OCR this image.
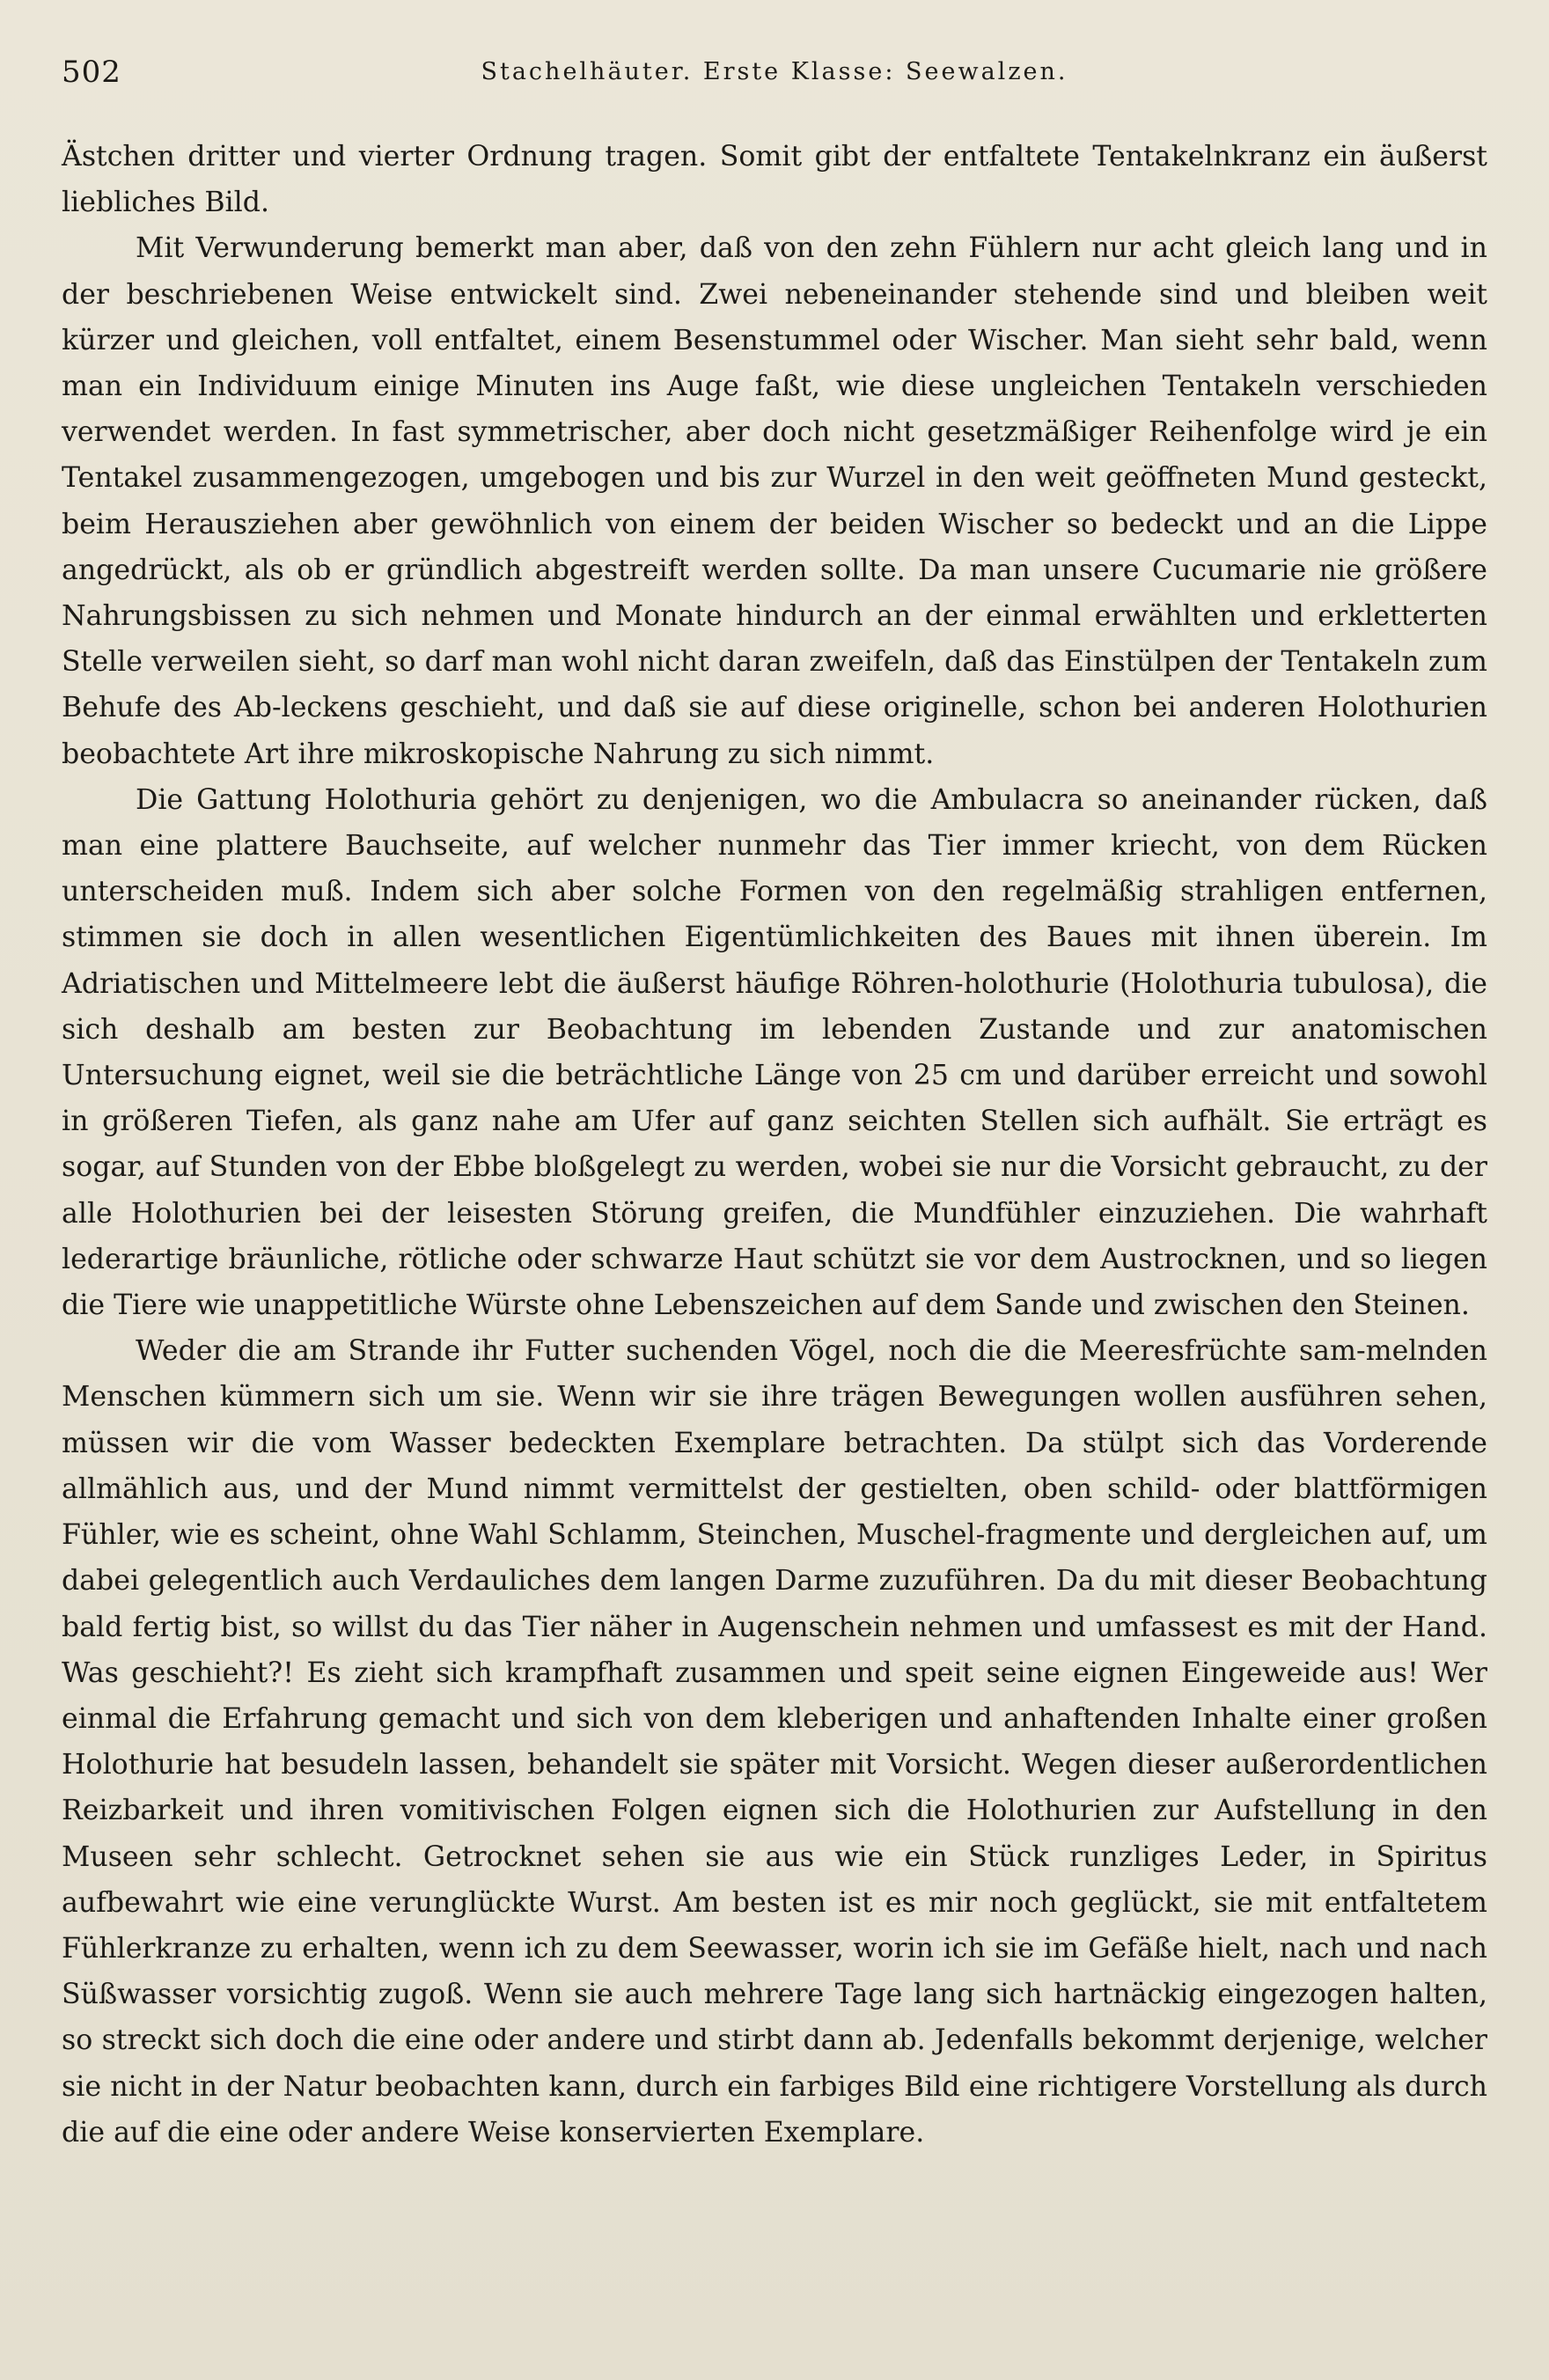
502	Stachelhäuter. Erste Klasse: Seewalzen.

Ästchen dritter und vierter Ordnung tragen. Somit gibt der entfaltete Tentakelnkranz ein äußerst liebliches Bild.

Mit Verwunderung bemerkt man aber, daß von den zehn Fühlern nur acht gleich lang und in der beschriebenen Weise entwickelt sind. Zwei nebeneinander stehende sind und bleiben weit kürzer und gleichen, voll entfaltet, einem Besenstummel oder Wischer. Man sieht sehr bald, wenn man ein Individuum einige Minuten ins Auge faßt, wie diese ungleichen Tentakeln verschieden verwendet werden. In fast symmetrischer, aber doch nicht gesetzmäßiger Reihenfolge wird je ein Tentakel zusammengezogen, umgebogen und bis zur Wurzel in den weit geöffneten Mund gesteckt, beim Herausziehen aber gewöhnlich von einem der beiden Wischer so bedeckt und an die Lippe angedrückt, als ob er gründlich abgestreift werden sollte. Da man unsere Cucumarie nie größere Nahrungsbissen zu sich nehmen und Monate hindurch an der einmal erwählten und erkletterten Stelle verweilen sieht, so darf man wohl nicht daran zweifeln, daß das Einstülpen der Tentakeln zum Behufe des Ab-leckens geschieht, und daß sie auf diese originelle, schon bei anderen Holothurien beobachtete Art ihre mikroskopische Nahrung zu sich nimmt.

Die Gattung Holothuria gehört zu denjenigen, wo die Ambulacra so aneinander rücken, daß man eine plattere Bauchseite, auf welcher nunmehr das Tier immer kriecht, von dem Rücken unterscheiden muß. Indem sich aber solche Formen von den regelmäßig strahligen entfernen, stimmen sie doch in allen wesentlichen Eigentümlichkeiten des Baues mit ihnen überein. Im Adriatischen und Mittelmeere lebt die äußerst häufige Röhren-holothurie (Holothuria tubulosa), die sich deshalb am besten zur Beobachtung im lebenden Zustande und zur anatomischen Untersuchung eignet, weil sie die beträchtliche Länge von 25 cm und darüber erreicht und sowohl in größeren Tiefen, als ganz nahe am Ufer auf ganz seichten Stellen sich aufhält. Sie erträgt es sogar, auf Stunden von der Ebbe bloßgelegt zu werden, wobei sie nur die Vorsicht gebraucht, zu der alle Holothurien bei der leisesten Störung greifen, die Mundfühler einzuziehen. Die wahrhaft lederartige bräunliche, rötliche oder schwarze Haut schützt sie vor dem Austrocknen, und so liegen die Tiere wie unappetitliche Würste ohne Lebenszeichen auf dem Sande und zwischen den Steinen.

Weder die am Strande ihr Futter suchenden Vögel, noch die die Meeresfrüchte sam-melnden Menschen kümmern sich um sie. Wenn wir sie ihre trägen Bewegungen wollen ausführen sehen, müssen wir die vom Wasser bedeckten Exemplare betrachten. Da stülpt sich das Vorderende allmählich aus, und der Mund nimmt vermittelst der gestielten, oben schild- oder blattförmigen Fühler, wie es scheint, ohne Wahl Schlamm, Steinchen, Muschel-fragmente und dergleichen auf, um dabei gelegentlich auch Verdauliches dem langen Darme zuzuführen. Da du mit dieser Beobachtung bald fertig bist, so willst du das Tier näher in Augenschein nehmen und umfassest es mit der Hand. Was geschieht?! Es zieht sich krampfhaft zusammen und speit seine eignen Eingeweide aus! Wer einmal die Erfahrung gemacht und sich von dem kleberigen und anhaftenden Inhalte einer großen Holothurie hat besudeln lassen, behandelt sie später mit Vorsicht. Wegen dieser außerordentlichen Reizbarkeit und ihren vomitivischen Folgen eignen sich die Holothurien zur Aufstellung in den Museen sehr schlecht. Getrocknet sehen sie aus wie ein Stück runzliges Leder, in Spiritus aufbewahrt wie eine verunglückte Wurst. Am besten ist es mir noch geglückt, sie mit entfaltetem Fühlerkranze zu erhalten, wenn ich zu dem Seewasser, worin ich sie im Gefäße hielt, nach und nach Süßwasser vorsichtig zugoß. Wenn sie auch mehrere Tage lang sich hartnäckig eingezogen halten, so streckt sich doch die eine oder andere und stirbt dann ab. Jedenfalls bekommt derjenige, welcher sie nicht in der Natur beobachten kann, durch ein farbiges Bild eine richtigere Vorstellung als durch die auf die eine oder andere Weise konservierten Exemplare.
